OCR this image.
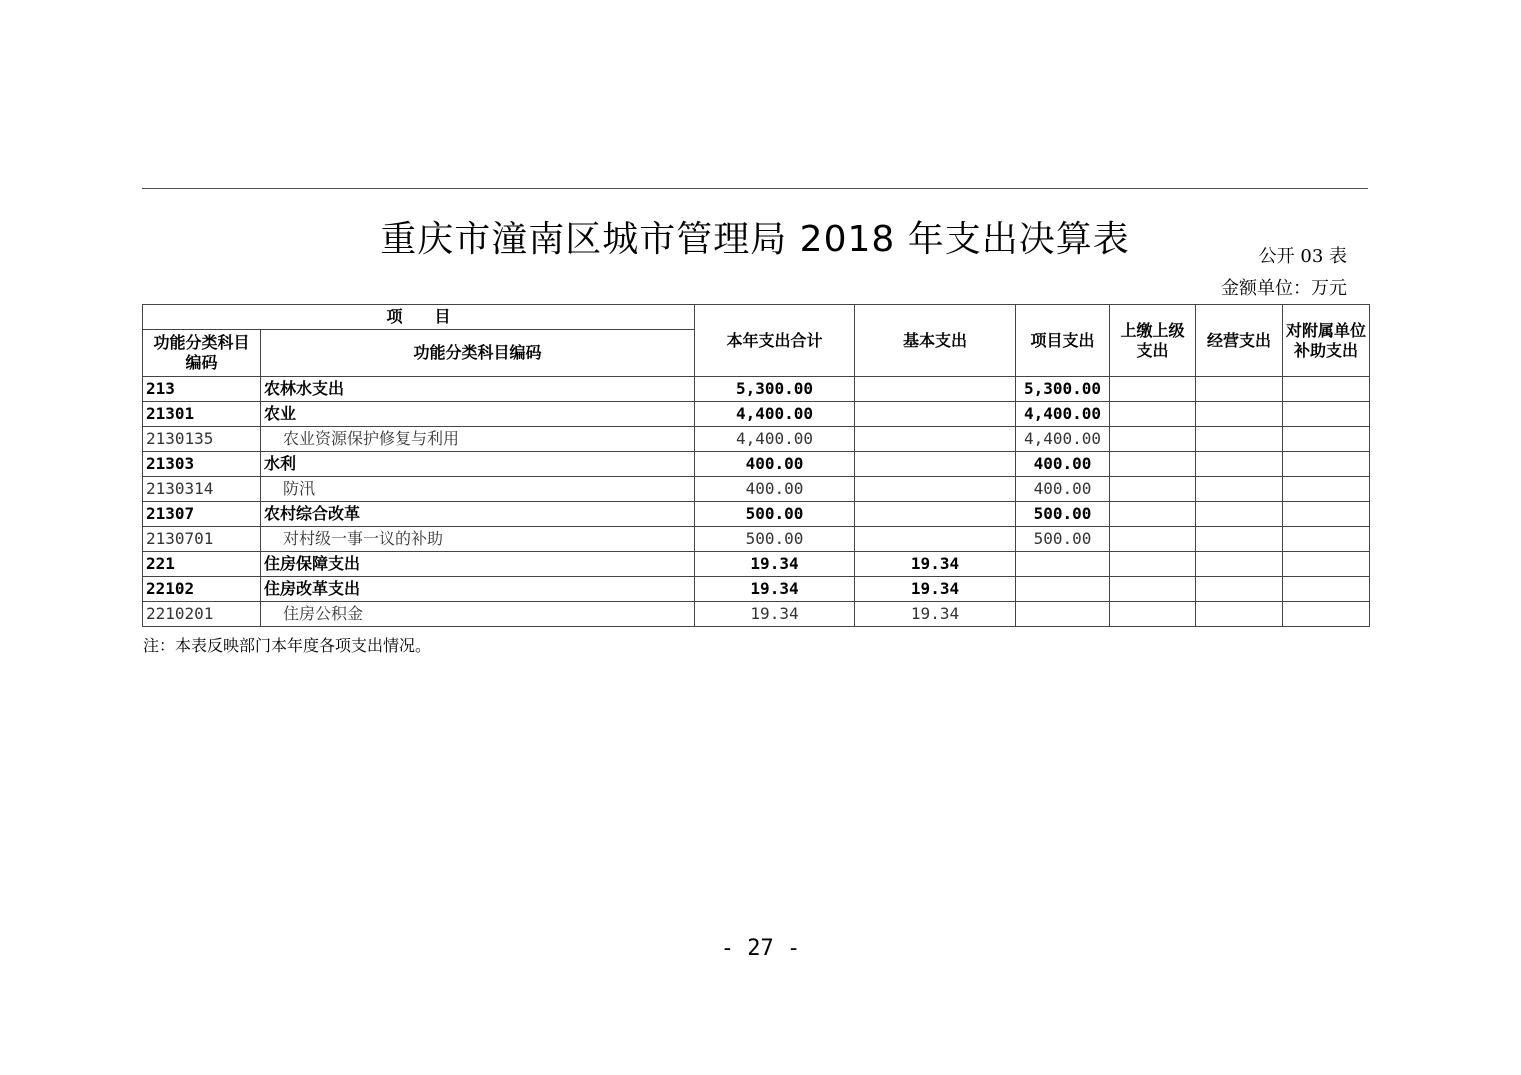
重庆市潼南区城市管理局 2018 年支出决算表	公开 03 表
金额单位：万元
项　　目		本年支出合计	基本支出	项目支出	上缴上级支出	经营支出	对附属单位补助支出
功能分类科目编码	功能分类科目编码						
213	农林水支出	5,300.00		5,300.00			
21301	农业	4,400.00		4,400.00			
2130135	农业资源保护修复与利用	4,400.00		4,400.00			
21303	水利	400.00		400.00			
2130314	防汛	400.00		400.00			
21307	农村综合改革	500.00		500.00			
2130701	对村级一事一议的补助	500.00		500.00			
221	住房保障支出	19.34	19.34				
22102	住房改革支出	19.34	19.34				
2210201	住房公积金	19.34	19.34				
注：本表反映部门本年度各项支出情况。
- 27 -
